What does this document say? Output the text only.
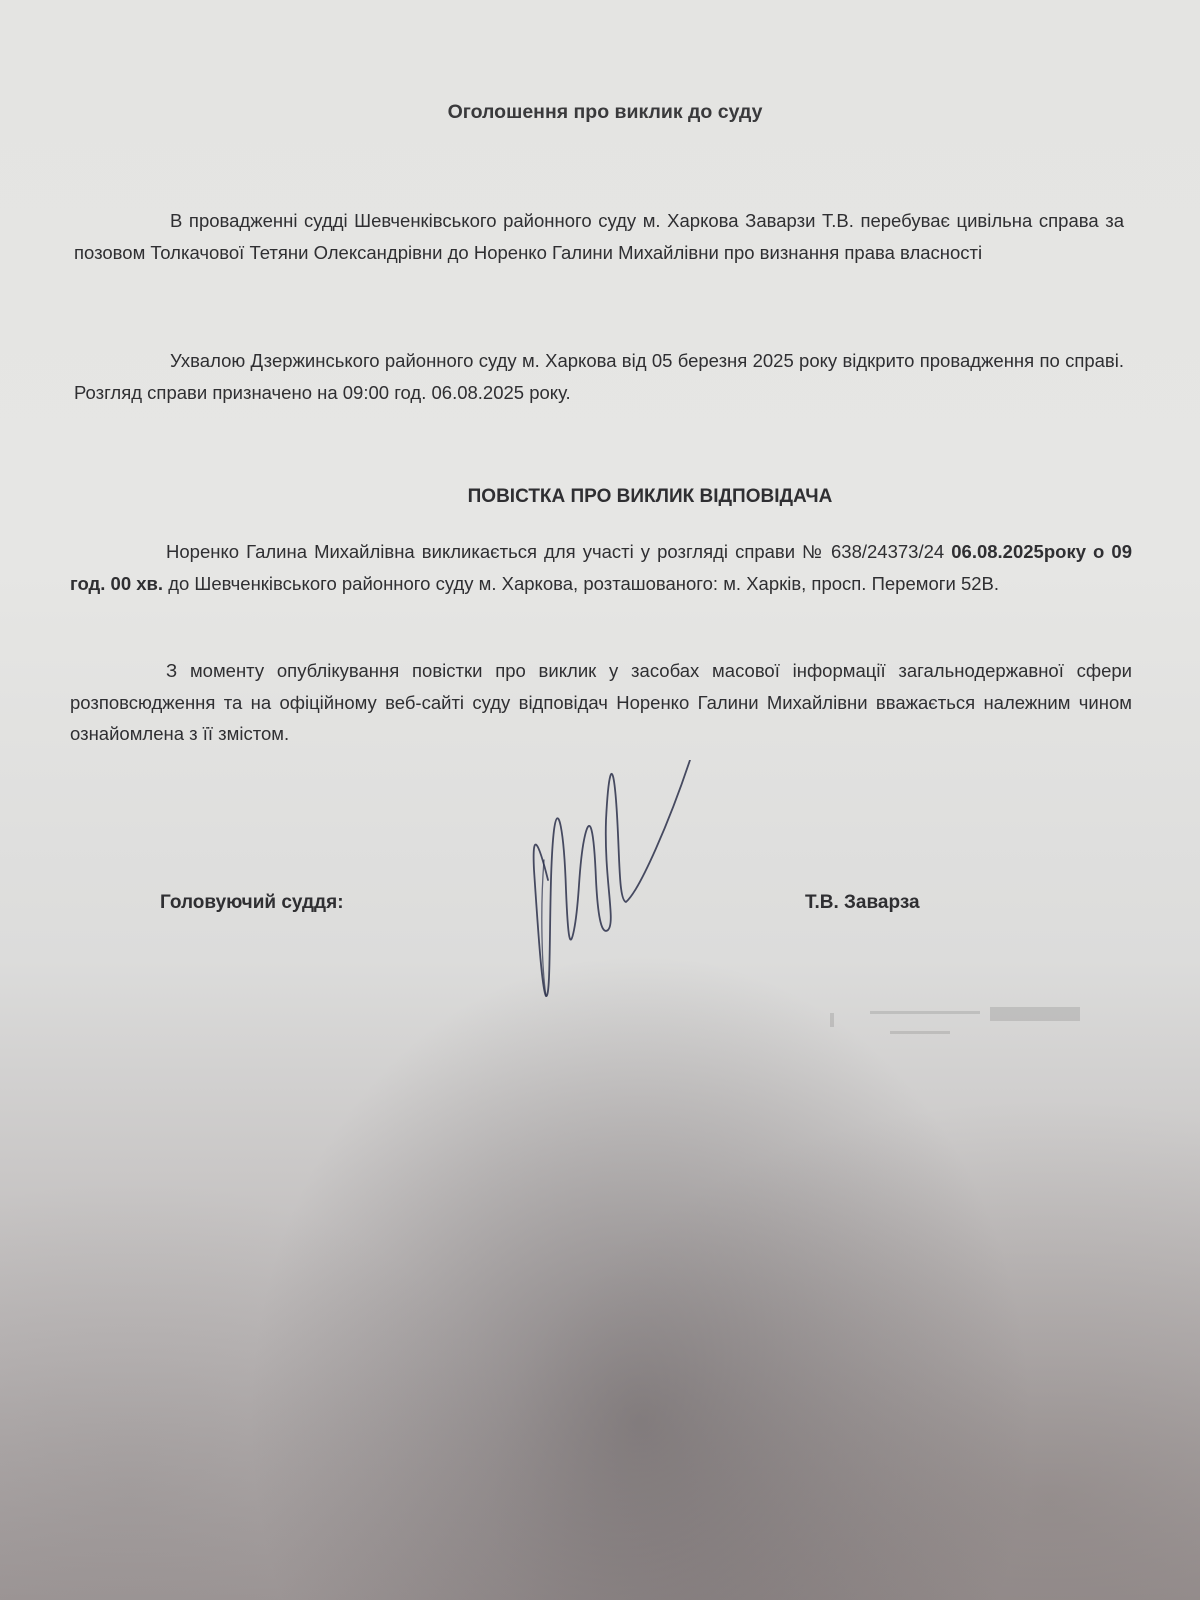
Оголошення про виклик до суду
В провадженні судді Шевченківського районного суду м. Харкова Заварзи Т.В. перебуває цивільна справа за позовом Толкачової Тетяни Олександрівни до Норенко Галини Михайлівни про визнання права власності
Ухвалою Дзержинського районного суду м. Харкова від 05 березня 2025 року відкрито провадження по справі. Розгляд справи призначено на 09:00 год. 06.08.2025 року.
ПОВІСТКА ПРО ВИКЛИК ВІДПОВІДАЧА
Норенко Галина Михайлівна викликається для участі у розгляді справи № 638/24373/24 06.08.2025року о 09 год. 00 хв. до Шевченківського районного суду м. Харкова, розташованого: м. Харків, просп. Перемоги 52В.
З моменту опублікування повістки про виклик у засобах масової інформації загальнодержавної сфери розповсюдження та на офіційному веб-сайті суду відповідач Норенко Галини Михайлівни вважається належним чином ознайомлена з її змістом.
Головуючий суддя:	Т.В. Заварза
